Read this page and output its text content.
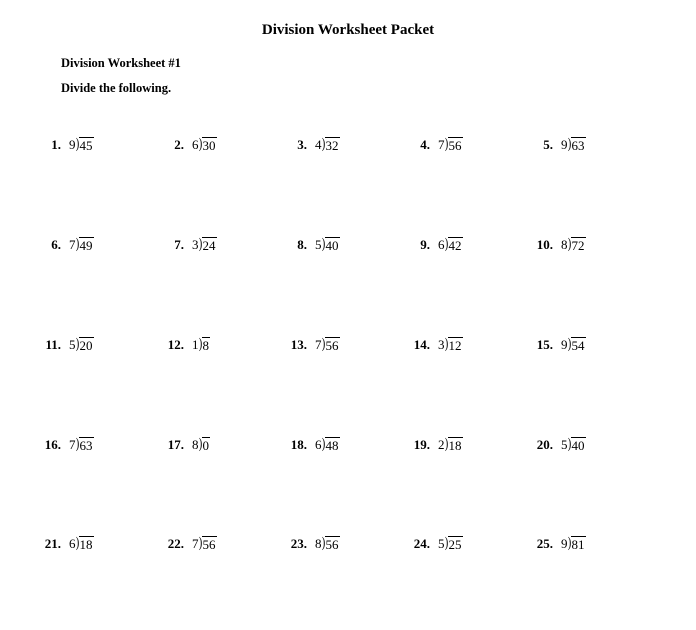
Division Worksheet Packet
Division Worksheet #1
Divide the following.
1. 9 ) 45	2. 6 ) 30	3. 4 ) 32	4. 7 ) 56	5. 9 ) 63
6. 7 ) 49	7. 3 ) 24	8. 5 ) 40	9. 6 ) 42	10. 8 ) 72
11. 5 ) 20	12. 1 ) 8	13. 7 ) 56	14. 3 ) 12	15. 9 ) 54
16. 7 ) 63	17. 8 ) 0	18. 6 ) 48	19. 2 ) 18	20. 5 ) 40
21. 6 ) 18	22. 7 ) 56	23. 8 ) 56	24. 5 ) 25	25. 9 ) 81
